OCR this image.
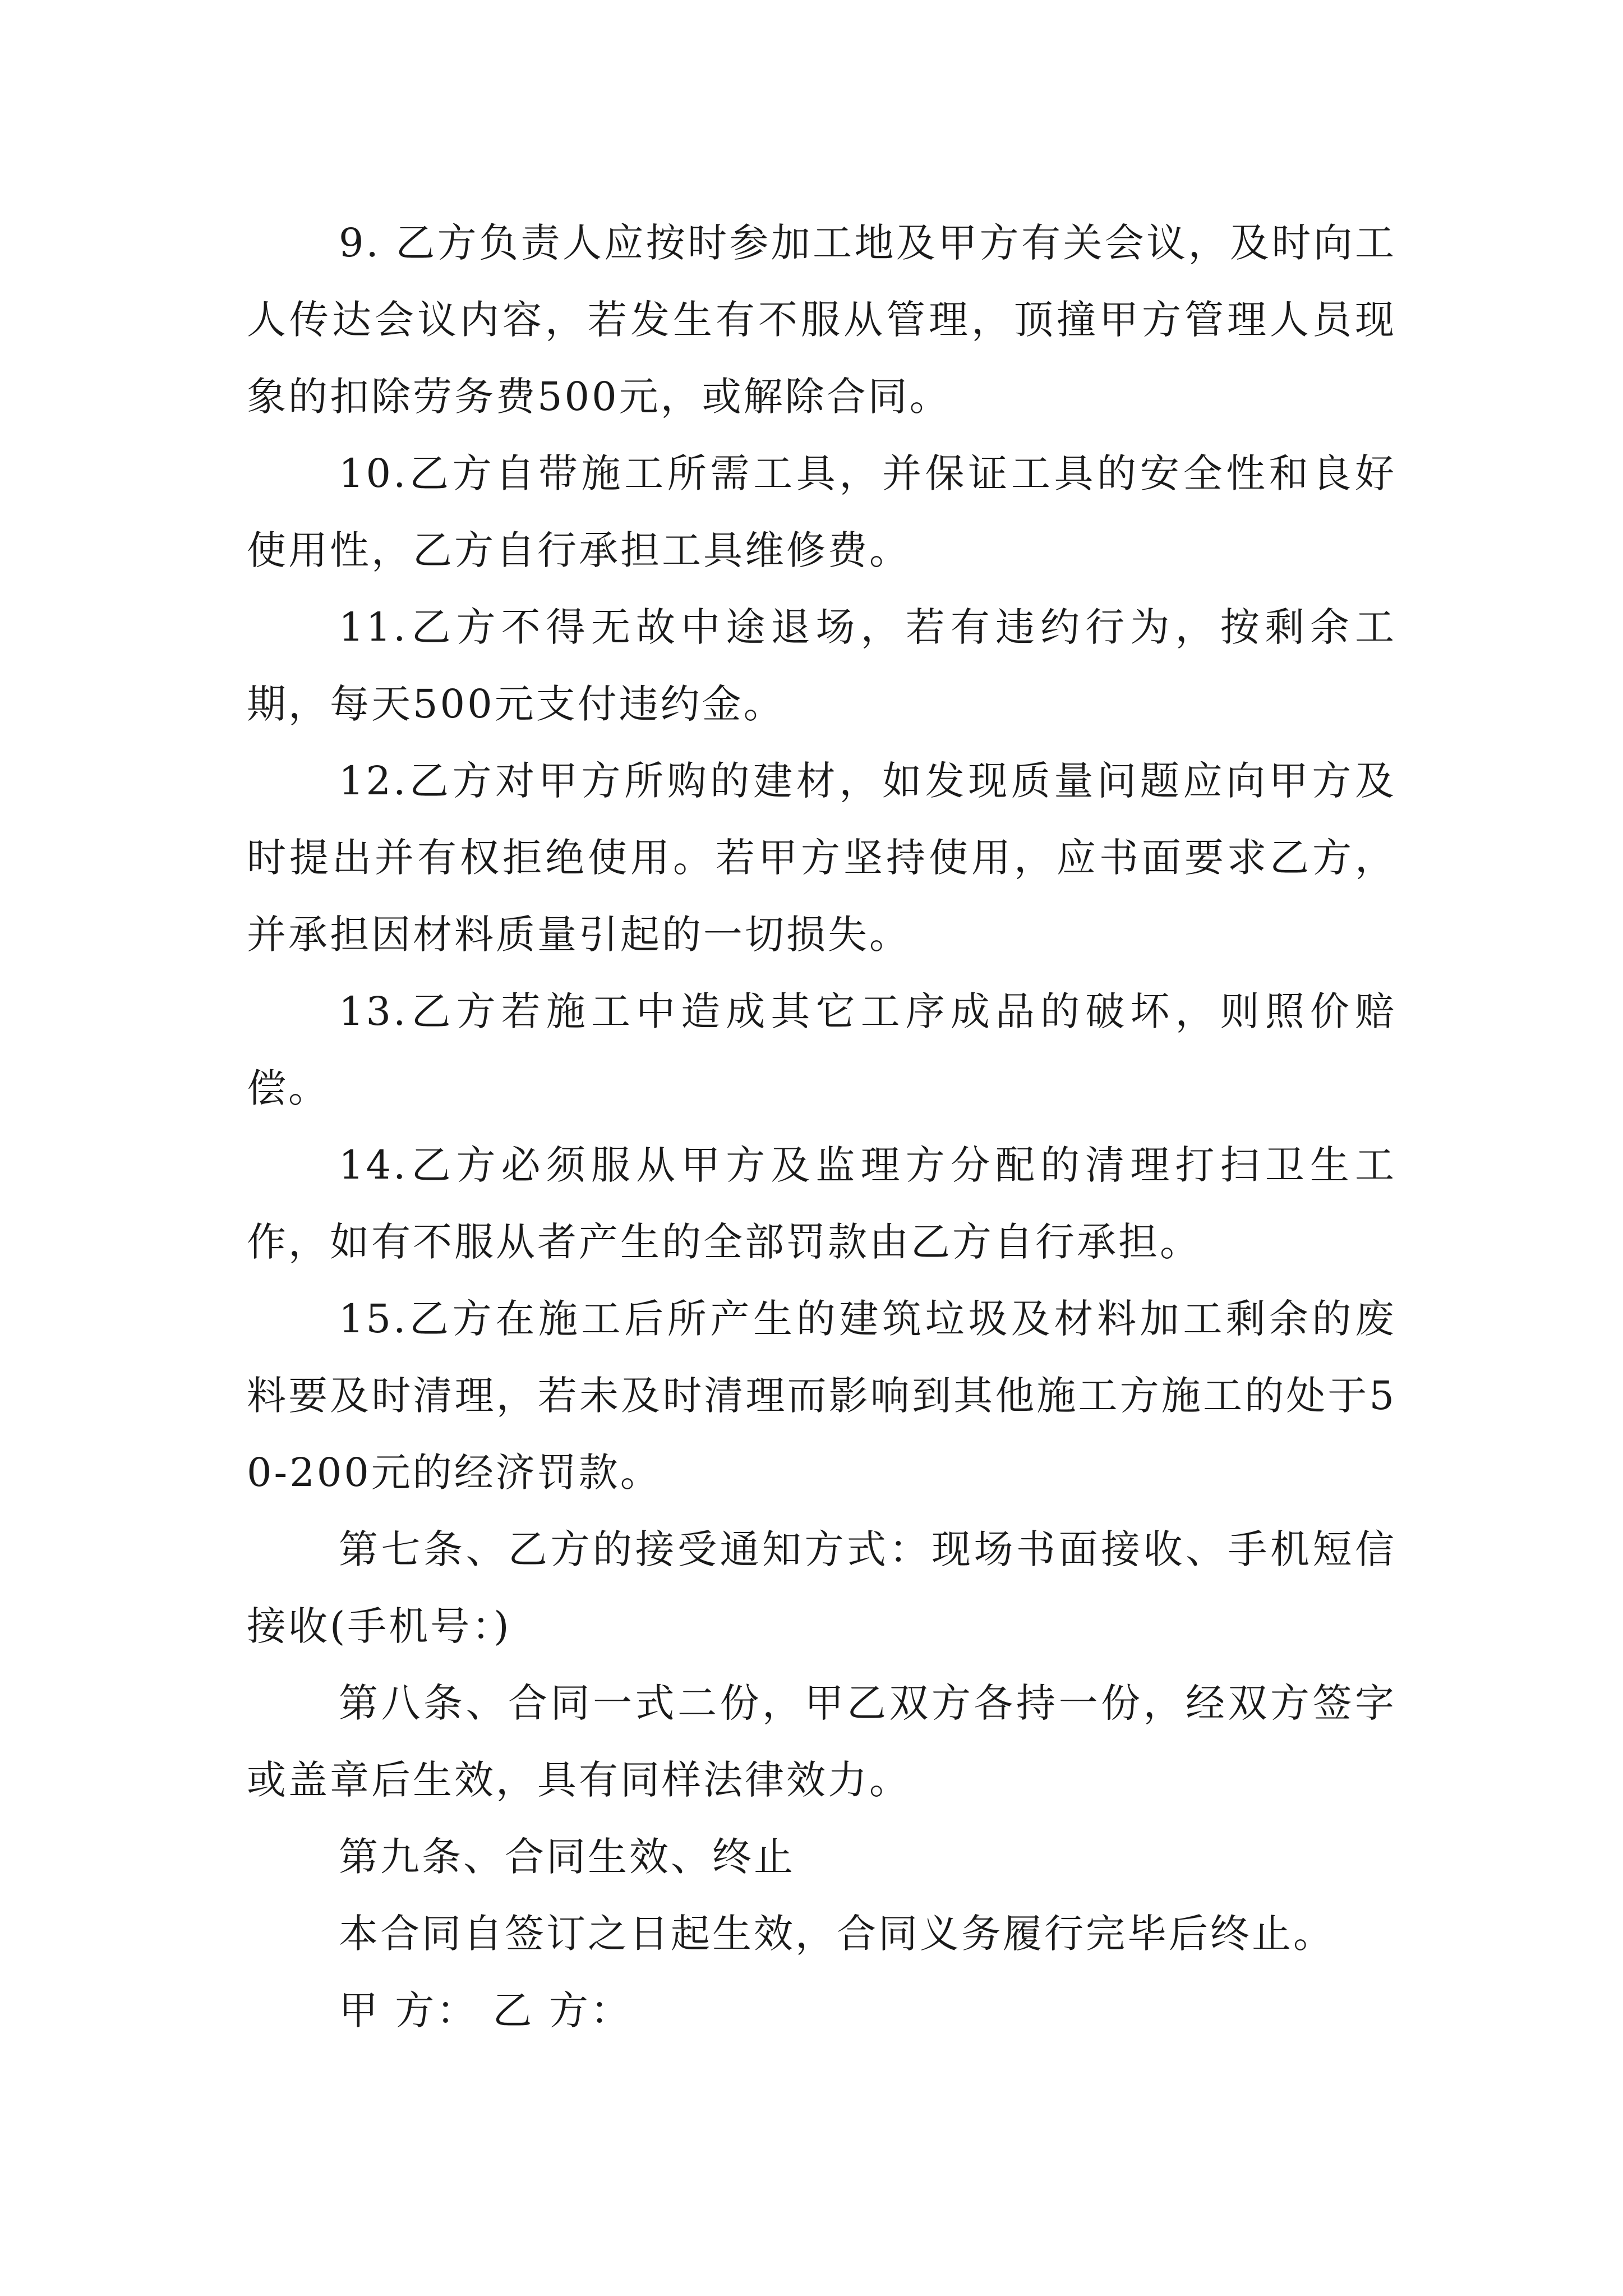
9. 乙方负责人应按时参加工地及甲方有关会议，及时向工人传达会议内容，若发生有不服从管理，顶撞甲方管理人员现象的扣除劳务费500元，或解除合同。

10.乙方自带施工所需工具，并保证工具的安全性和良好使用性，乙方自行承担工具维修费。

11.乙方不得无故中途退场，若有违约行为，按剩余工期，每天500元支付违约金。

12.乙方对甲方所购的建材，如发现质量问题应向甲方及时提出并有权拒绝使用。若甲方坚持使用，应书面要求乙方，并承担因材料质量引起的一切损失。

13.乙方若施工中造成其它工序成品的破坏，则照价赔偿。

14.乙方必须服从甲方及监理方分配的清理打扫卫生工作，如有不服从者产生的全部罚款由乙方自行承担。

15.乙方在施工后所产生的建筑垃圾及材料加工剩余的废料要及时清理，若未及时清理而影响到其他施工方施工的处于50-200元的经济罚款。

第七条、乙方的接受通知方式：现场书面接收、手机短信接收(手机号：)

第八条、合同一式二份，甲乙双方各持一份，经双方签字或盖章后生效，具有同样法律效力。

第九条、合同生效、终止

本合同自签订之日起生效，合同义务履行完毕后终止。

甲 方： 乙 方：
